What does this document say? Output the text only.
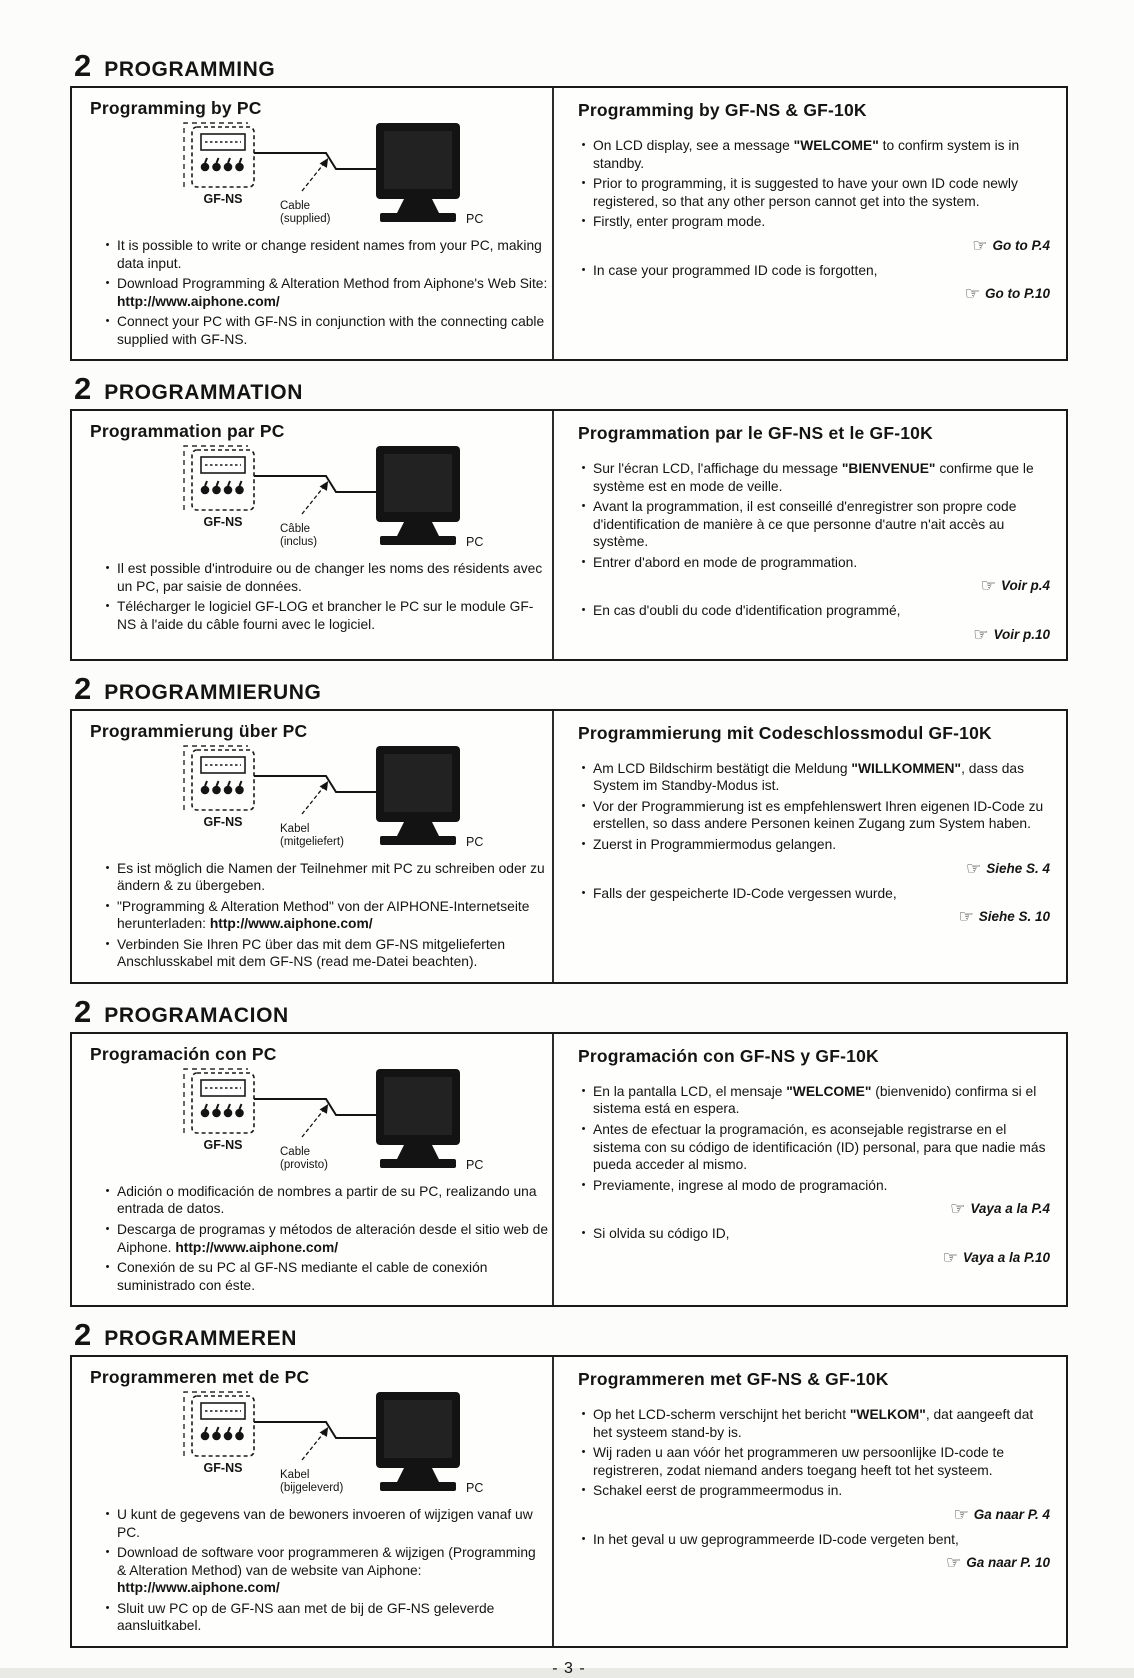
2 PROGRAMMING
Programming by PC
GF-NS	Cable
(supplied)	PC
• It is possible to write or change resident names from your PC, making data input.
• Download Programming & Alteration Method from Aiphone's Web Site: http://www.aiphone.com/
• Connect your PC with GF-NS in conjunction with the connecting cable supplied with GF-NS.
Programming by GF-NS & GF-10K
• On LCD display, see a message "WELCOME" to confirm system is in standby.
• Prior to programming, it is suggested to have your own ID code newly registered, so that any other person cannot get into the system.
• Firstly, enter program mode.
☞ Go to P.4
• In case your programmed ID code is forgotten,
☞ Go to P.10
2 PROGRAMMATION
Programmation par PC
GF-NS	Câble
(inclus)	PC
• Il est possible d'introduire ou de changer les noms des résidents avec un PC, par saisie de données.
• Télécharger le logiciel GF-LOG et brancher le PC sur le module GF-NS à l'aide du câble fourni avec le logiciel.
Programmation par le GF-NS et le GF-10K
• Sur l'écran LCD, l'affichage du message "BIENVENUE" confirme que le système est en mode de veille.
• Avant la programmation, il est conseillé d'enregistrer son propre code d'identification de manière à ce que personne d'autre n'ait accès au système.
• Entrer d'abord en mode de programmation.
☞ Voir p.4
• En cas d'oubli du code d'identification programmé,
☞ Voir p.10
2 PROGRAMMIERUNG
Programmierung über PC
GF-NS	Kabel
(mitgeliefert)	PC
• Es ist möglich die Namen der Teilnehmer mit PC zu schreiben oder zu ändern & zu übergeben.
• "Programming & Alteration Method" von der AIPHONE-Internetseite herunterladen: http://www.aiphone.com/
• Verbinden Sie Ihren PC über das mit dem GF-NS mitgelieferten Anschlusskabel mit dem GF-NS (read me-Datei beachten).
Programmierung mit Codeschlossmodul GF-10K
• Am LCD Bildschirm bestätigt die Meldung "WILLKOMMEN", dass das System im Standby-Modus ist.
• Vor der Programmierung ist es empfehlenswert Ihren eigenen ID-Code zu erstellen, so dass andere Personen keinen Zugang zum System haben.
• Zuerst in Programmiermodus gelangen.
☞ Siehe S. 4
• Falls der gespeicherte ID-Code vergessen wurde,
☞ Siehe S. 10
2 PROGRAMACION
Programación con PC
GF-NS	Cable
(provisto)	PC
• Adición o modificación de nombres a partir de su PC, realizando una entrada de datos.
• Descarga de programas y métodos de alteración desde el sitio web de Aiphone. http://www.aiphone.com/
• Conexión de su PC al GF-NS mediante el cable de conexión suministrado con éste.
Programación con GF-NS y GF-10K
• En la pantalla LCD, el mensaje "WELCOME" (bienvenido) confirma si el sistema está en espera.
• Antes de efectuar la programación, es aconsejable registrarse en el sistema con su código de identificación (ID) personal, para que nadie más pueda acceder al mismo.
• Previamente, ingrese al modo de programación.
☞ Vaya a la P.4
• Si olvida su código ID,
☞ Vaya a la P.10
2 PROGRAMMEREN
Programmeren met de PC
GF-NS	Kabel
(bijgeleverd)	PC
• U kunt de gegevens van de bewoners invoeren of wijzigen vanaf uw PC.
• Download de software voor programmeren & wijzigen (Programming & Alteration Method) van de website van Aiphone: http://www.aiphone.com/
• Sluit uw PC op de GF-NS aan met de bij de GF-NS geleverde aansluitkabel.
Programmeren met GF-NS & GF-10K
• Op het LCD-scherm verschijnt het bericht "WELKOM", dat aangeeft dat het systeem stand-by is.
• Wij raden u aan vóór het programmeren uw persoonlijke ID-code te registreren, zodat niemand anders toegang heeft tot het systeem.
• Schakel eerst de programmeermodus in.
☞ Ga naar P. 4
• In het geval u uw geprogrammeerde ID-code vergeten bent,
☞ Ga naar P. 10
- 3 -
